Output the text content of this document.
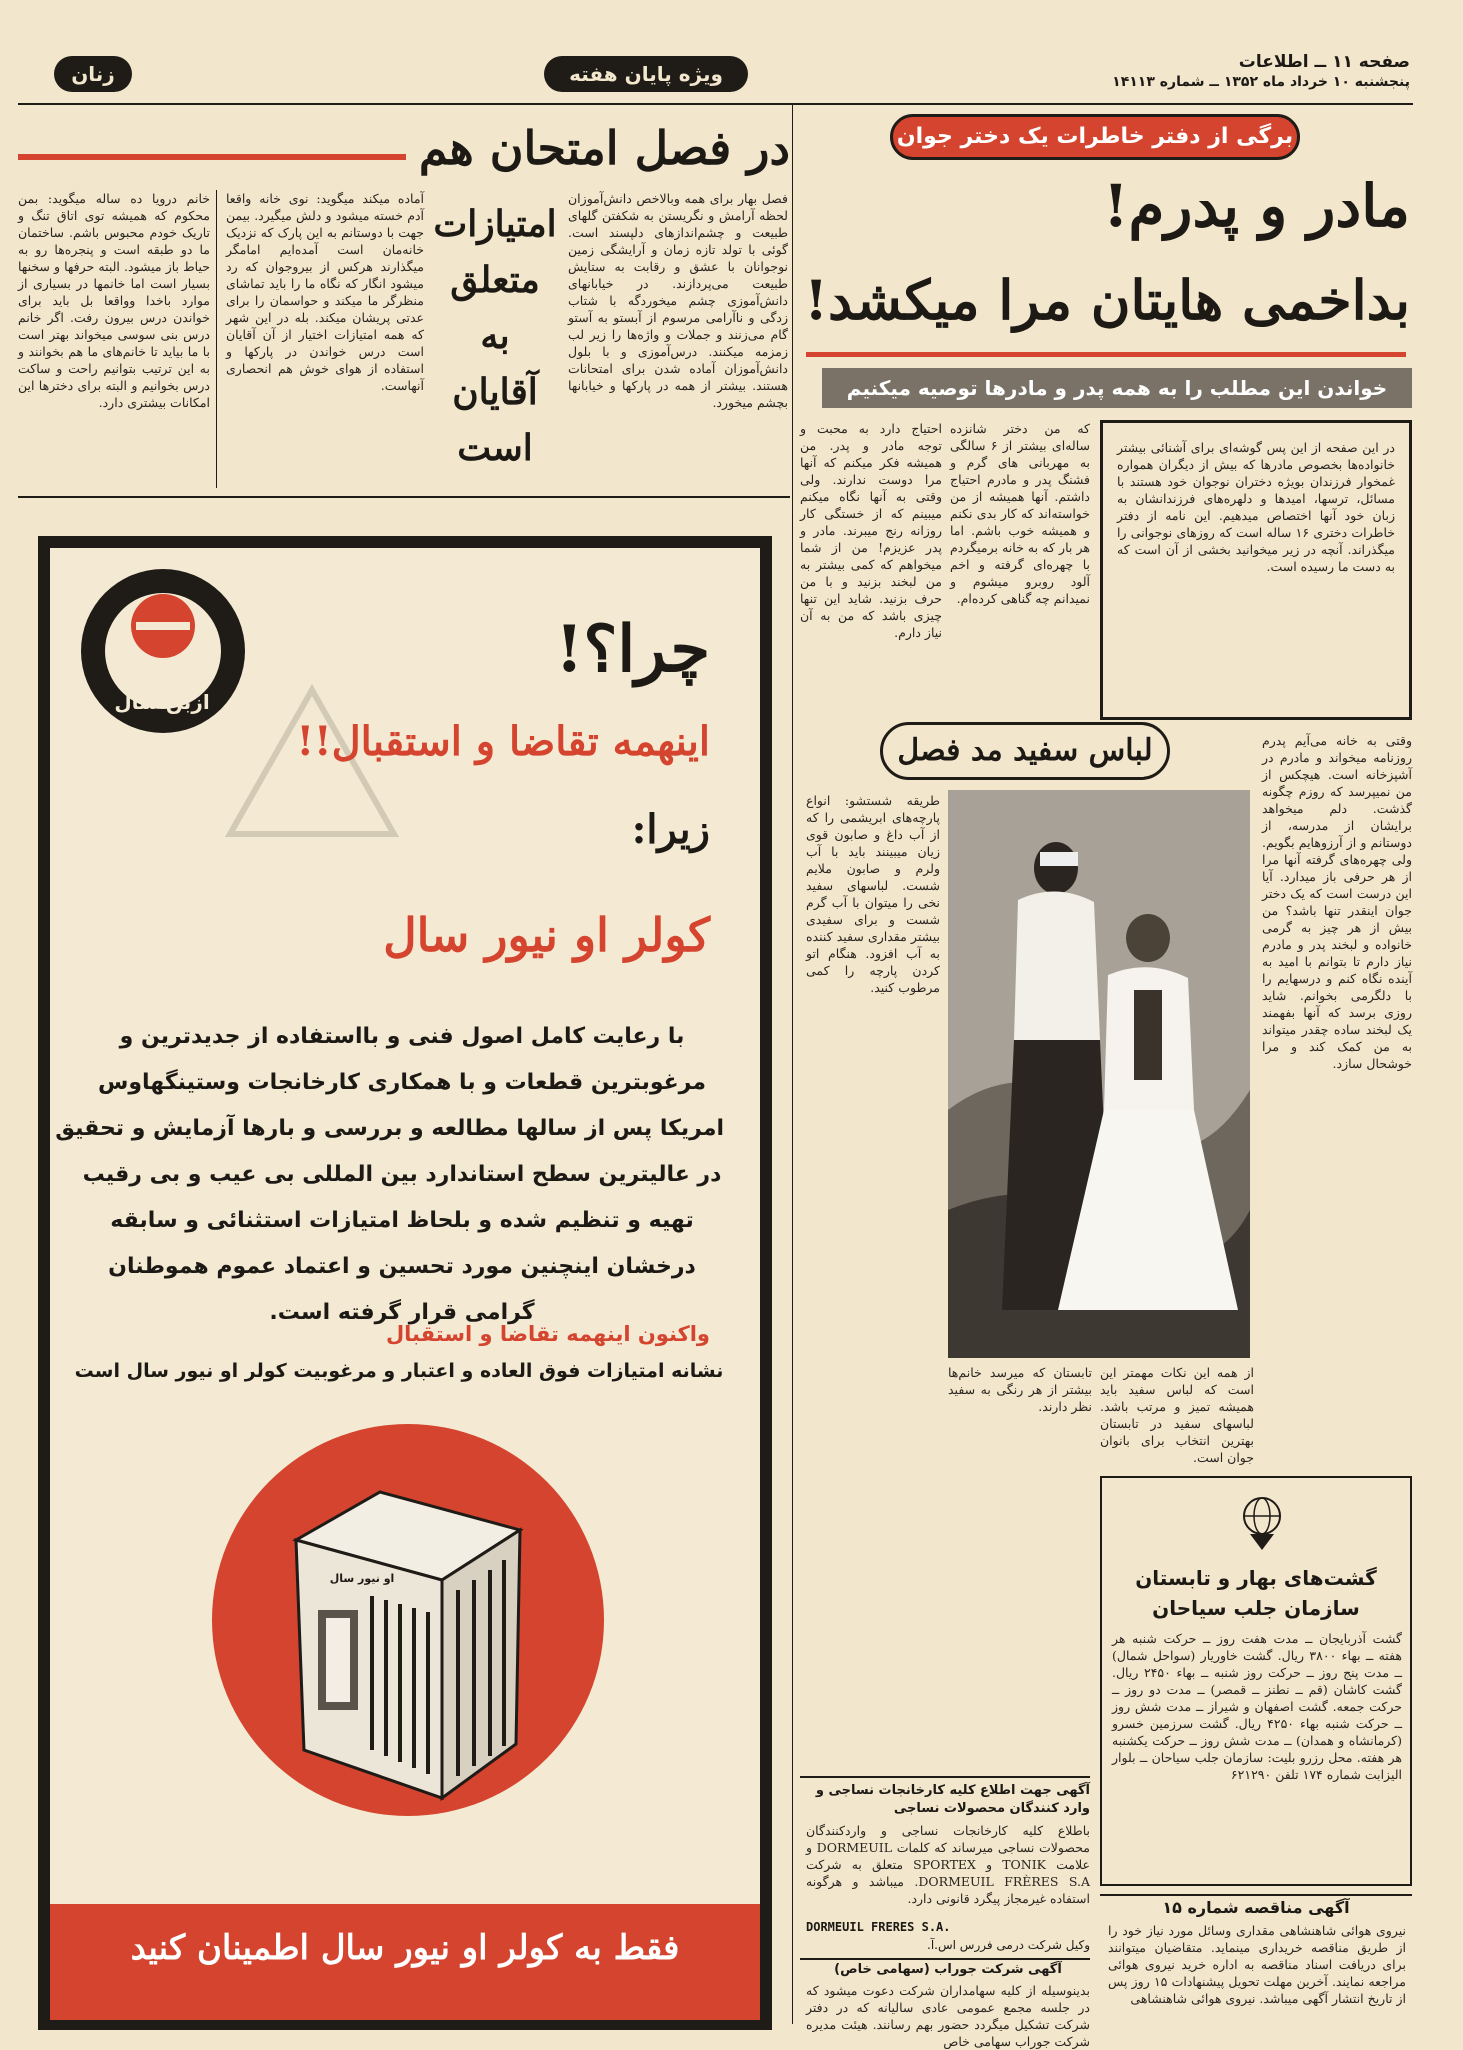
زنان	ویژه پایان هفته	صفحه ۱۱ ــ اطلاعات
پنجشنبه ۱۰ خرداد ماه ۱۳۵۲ ــ شماره ۱۴۱۱۳
در فصل امتحان هم
فصل بهار برای همه وبالاخص دانش‌آموزان لحظه آرامش و نگریستن به شکفتن گلهای طبیعت و چشم‌اندازهای دلپسند است. گوئی با تولد تازه زمان و آرایشگی زمین نوجوانان با عشق و رقابت به ستایش طبیعت می‌پردازند. در خیابانهای دانش‌آموزی چشم میخوردگه با شتاب زدگی و ناآرامی مرسوم از آبستو به آستو گام می‌زنند و جملات و واژه‌ها را زیر لب زمزمه میکنند. درس‌آموزی و با بلول دانش‌آموزان آماده شدن برای امتحانات هستند. بیشتر از همه در پارکها و خیابانها بچشم میخورد.
امتیازات
متعلق
به
آقایان
است
آماده میکند میگوید: نوی خانه واقعا آدم خسته میشود و دلش میگیرد. بیمن جهت با دوستانم به این پارک که نزدیک خانه‌مان است آمده‌ایم امامگر میگذارند هرکس از بیروجوان که رد میشود انگار که نگاه ما را باید تماشای منظرگر ما میکند و حواسمان را برای عدتی پریشان میکند. بله در این شهر که همه امتیازات اختیار از آن آقایان است درس خواندن در پارکها و استفاده از هوای خوش هم انحصاری آنهاست.
خانم درویا ده ساله میگوید: بمن محکوم که همیشه توی اتاق تنگ و تاریک خودم محبوس باشم. ساختمان ما دو طبقه است و پنجره‌ها رو به حیاط باز میشود. البته حرفها و سخنها بسیار است اما خانمها در بسیاری از موارد باخدا وواقعا بل باید برای خواندن درس بیرون رفت. اگر خانم درس بنی سوسی میخواند بهتر است با ما بیاید تا خانم‌های ما هم بخوانند و به این ترتیب بتوانیم راحت و ساکت درس بخوانیم و البته برای دخترها این امکانات بیشتری دارد.
برگی از دفتر خاطرات یک دختر جوان
مادر و پدرم!
بداخمی هایتان مرا میکشد!
خواندن این مطلب را به همه پدر و مادرها توصیه میکنیم
در این صفحه از این پس گوشه‌ای برای آشنائی بیشتر خانواده‌ها بخصوص مادرها که بیش از دیگران همواره غمخوار فرزندان بویژه دختران نوجوان خود هستند با مسائل، ترسها، امیدها و دلهره‌های فرزندانشان به زبان خود آنها اختصاص میدهیم. این نامه از دفتر خاطرات دختری ۱۶ ساله است که روزهای نوجوانی را میگذراند. آنچه در زیر میخوانید بخشی از آن است که به دست ما رسیده است.
که من دختر شانزده ساله‌ای بیشتر از ۶ سالگی به مهربانی های گرم و فشنگ پدر و مادرم احتیاج داشتم. آنها همیشه از من خواسته‌اند که کار بدی نکنم و همیشه خوب باشم. اما هر بار که به خانه برمیگردم با چهره‌ای گرفته و اخم آلود روبرو میشوم و نمیدانم چه گناهی کرده‌ام.
احتیاج دارد به محبت و توجه مادر و پدر. من همیشه فکر میکنم که آنها مرا دوست ندارند. ولی وقتی به آنها نگاه میکنم میبینم که از خستگی کار روزانه رنج میبرند. مادر و پدر عزیزم! من از شما میخواهم که کمی بیشتر به من لبخند بزنید و با من حرف بزنید. شاید این تنها چیزی باشد که من به آن نیاز دارم.
وقتی به خانه می‌آیم پدرم روزنامه میخواند و مادرم در آشپزخانه است. هیچکس از من نمیپرسد که روزم چگونه گذشت. دلم میخواهد برایشان از مدرسه، از دوستانم و از آرزوهایم بگویم. ولی چهره‌های گرفته آنها مرا از هر حرفی باز میدارد. آیا این درست است که یک دختر جوان اینقدر تنها باشد؟ من بیش از هر چیز به گرمی خانواده و لبخند پدر و مادرم نیاز دارم تا بتوانم با امید به آینده نگاه کنم و درسهایم را با دلگرمی بخوانم. شاید روزی برسد که آنها بفهمند یک لبخند ساده چقدر میتواند به من کمک کند و مرا خوشحال سازد.
لباس سفید مد فصل
طریقه شستشو: انواع پارچه‌های ابریشمی را که از آب داغ و صابون قوی زیان میبینند باید با آب ولرم و صابون ملایم شست. لباسهای سفید نخی را میتوان با آب گرم شست و برای سفیدی بیشتر مقداری سفید کننده به آب افزود. هنگام اتو کردن پارچه را کمی مرطوب کنید.
از همه این نکات مهمتر این است که لباس سفید باید همیشه تمیز و مرتب باشد. لباسهای سفید در تابستان بهترین انتخاب برای بانوان جوان است.
تابستان که میرسد خانم‌ها بیشتر از هر رنگی به سفید نظر دارند.
گشت‌های بهار و تابستان
سازمان جلب سیاحان
گشت آذربایجان ــ مدت هفت روز ــ حرکت شنبه هر هفته ــ بهاء ۳۸۰۰ ریال. گشت خاوریار (سواحل شمال) ــ مدت پنج روز ــ حرکت روز شنبه ــ بهاء ۲۴۵۰ ریال. گشت کاشان (قم ــ نطنز ــ قمصر) ــ مدت دو روز ــ حرکت جمعه. گشت اصفهان و شیراز ــ مدت شش روز ــ حرکت شنبه بهاء ۴۲۵۰ ریال. گشت سرزمین خسرو (کرمانشاه و همدان) ــ مدت شش روز ــ حرکت یکشنبه هر هفته. محل رزرو بلیت: سازمان جلب سیاحان ــ بلوار الیزابت شماره ۱۷۴ تلفن ۶۲۱۲۹۰
آگهی جهت اطلاع کلیه کارخانجات نساجی و وارد کنندگان محصولات نساجی
باطلاع کلیه کارخانجات نساجی و واردکنندگان محصولات نساجی میرساند که کلمات DORMEUIL و علامت TONIK و SPORTEX متعلق به شرکت DORMEUIL FRÈRES S.A. میباشد و هرگونه استفاده غیرمجاز پیگرد قانونی دارد.
DORMEUIL FRERES S.A.
وکیل شرکت درمی فررس اس.آ.
آگهی شرکت جوراب (سهامی خاص)
بدینوسیله از کلیه سهامداران شرکت دعوت میشود که در جلسه مجمع عمومی عادی سالیانه که در دفتر شرکت تشکیل میگردد حضور بهم رسانند. هیئت مدیره شرکت جوراب سهامی خاص
آگهی مناقصه شماره ۱۵
نیروی هوائی شاهنشاهی مقداری وسائل مورد نیاز خود را از طریق مناقصه خریداری مینماید. متقاضیان میتوانند برای دریافت اسناد مناقصه به اداره خرید نیروی هوائی مراجعه نمایند. آخرین مهلت تحویل پیشنهادات ۱۵ روز پس از تاریخ انتشار آگهی میباشد. نیروی هوائی شاهنشاهی
ازبن سال
چرا؟!
اینهمه تقاضا و استقبال!!
زیرا:
کولر او نیور سال
با رعایت کامل اصول فنی و بااستفاده از جدیدترین و
مرغوبترین قطعات و با همکاری کارخانجات وستینگهاوس
امریکا پس از سالها مطالعه و بررسی و بارها آزمایش و تحقیق
در عالیترین سطح استاندارد بین المللی بی عیب و بی رقیب
تهیه و تنظیم شده و بلحاظ امتیازات استثنائی و سابقه
درخشان اینچنین مورد تحسین و اعتماد عموم هموطنان
گرامی قرار گرفته است.
واکنون اینهمه تقاضا و استقبال
نشانه امتیازات فوق العاده و اعتبار و مرغوبیت کولر او نیور سال است
او نیور سال
فقط به کولر او نیور سال اطمینان کنید
